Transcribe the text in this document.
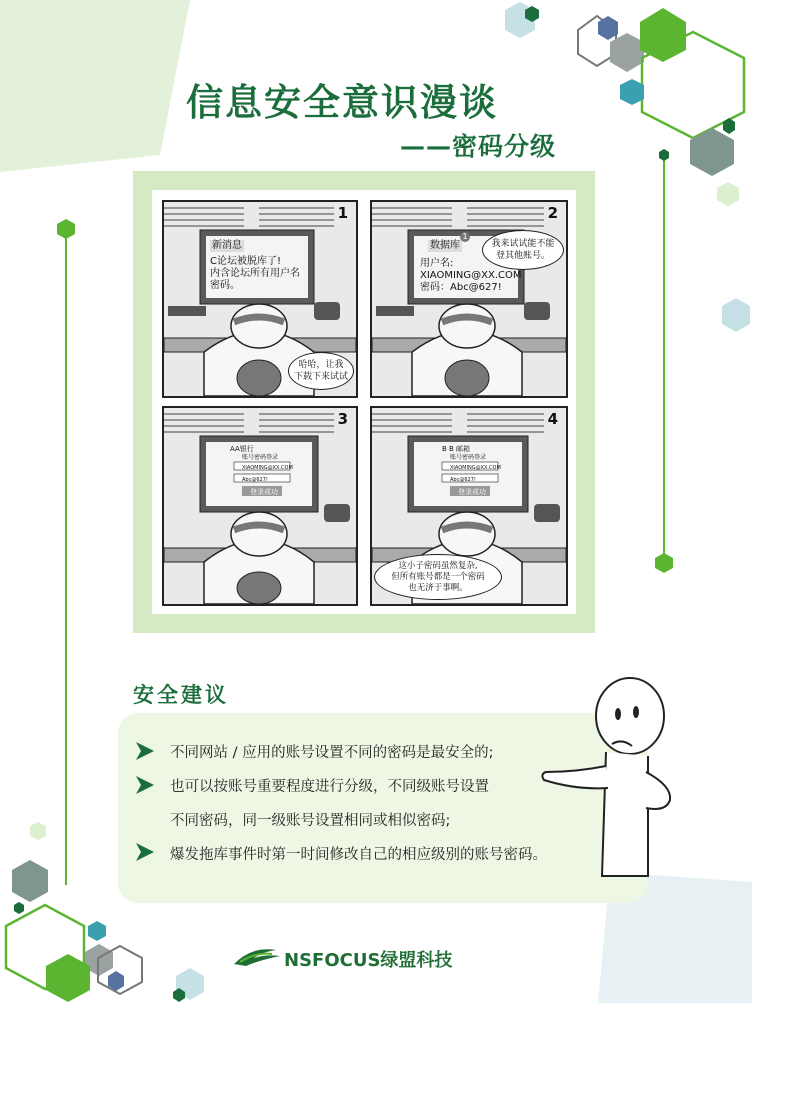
信息安全意识漫谈
——密码分级
1
新消息
C论坛被脱库了!
内含论坛所有用户名
密码。
哈哈，让我
下载下来试试
2
数据库
1
用户名:
XIAOMING@XX.COM
密码：Abc@627!
我来试试能不能
登其他账号。
3
AA银行
账号密码登录
XIAOMING@XX.COM
Abc@627!
登录成功
4
B B 邮箱
账号密码登录
XIAOMING@XX.COM
Abc@627!
登录成功
这小子密码虽然复杂,
但所有账号都是一个密码
也无济于事啊。
安全建议
不同网站 / 应用的账号设置不同的密码是最安全的;
也可以按账号重要程度进行分级，不同级账号设置
不同密码，同一级账号设置相同或相似密码;
爆发拖库事件时第一时间修改自己的相应级别的账号密码。
NSFOCUS绿盟科技
